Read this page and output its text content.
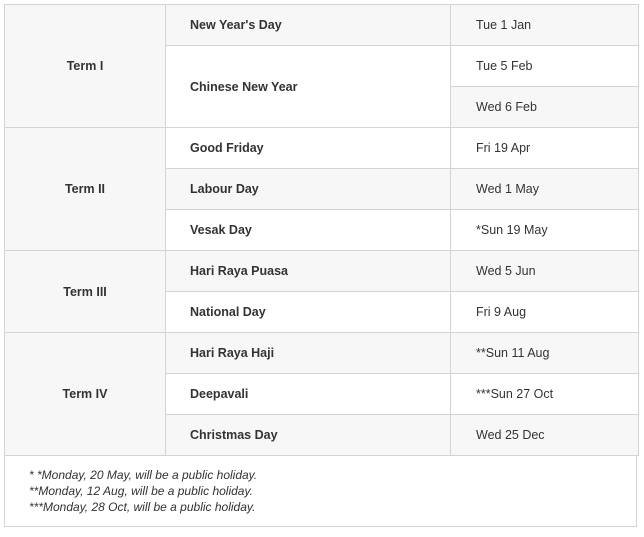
Term I	New Year's Day	Tue 1 Jan
	Chinese New Year	Tue 5 Feb
		Wed 6 Feb
Term II	Good Friday	Fri 19 Apr
	Labour Day	Wed 1 May
	Vesak Day	*Sun 19 May
Term III	Hari Raya Puasa	Wed 5 Jun
	National Day	Fri 9 Aug
Term IV	Hari Raya Haji	**Sun 11 Aug
	Deepavali	***Sun 27 Oct
	Christmas Day	Wed 25 Dec
* *Monday, 20 May, will be a public holiday.
**Monday, 12 Aug, will be a public holiday.
***Monday, 28 Oct, will be a public holiday.
